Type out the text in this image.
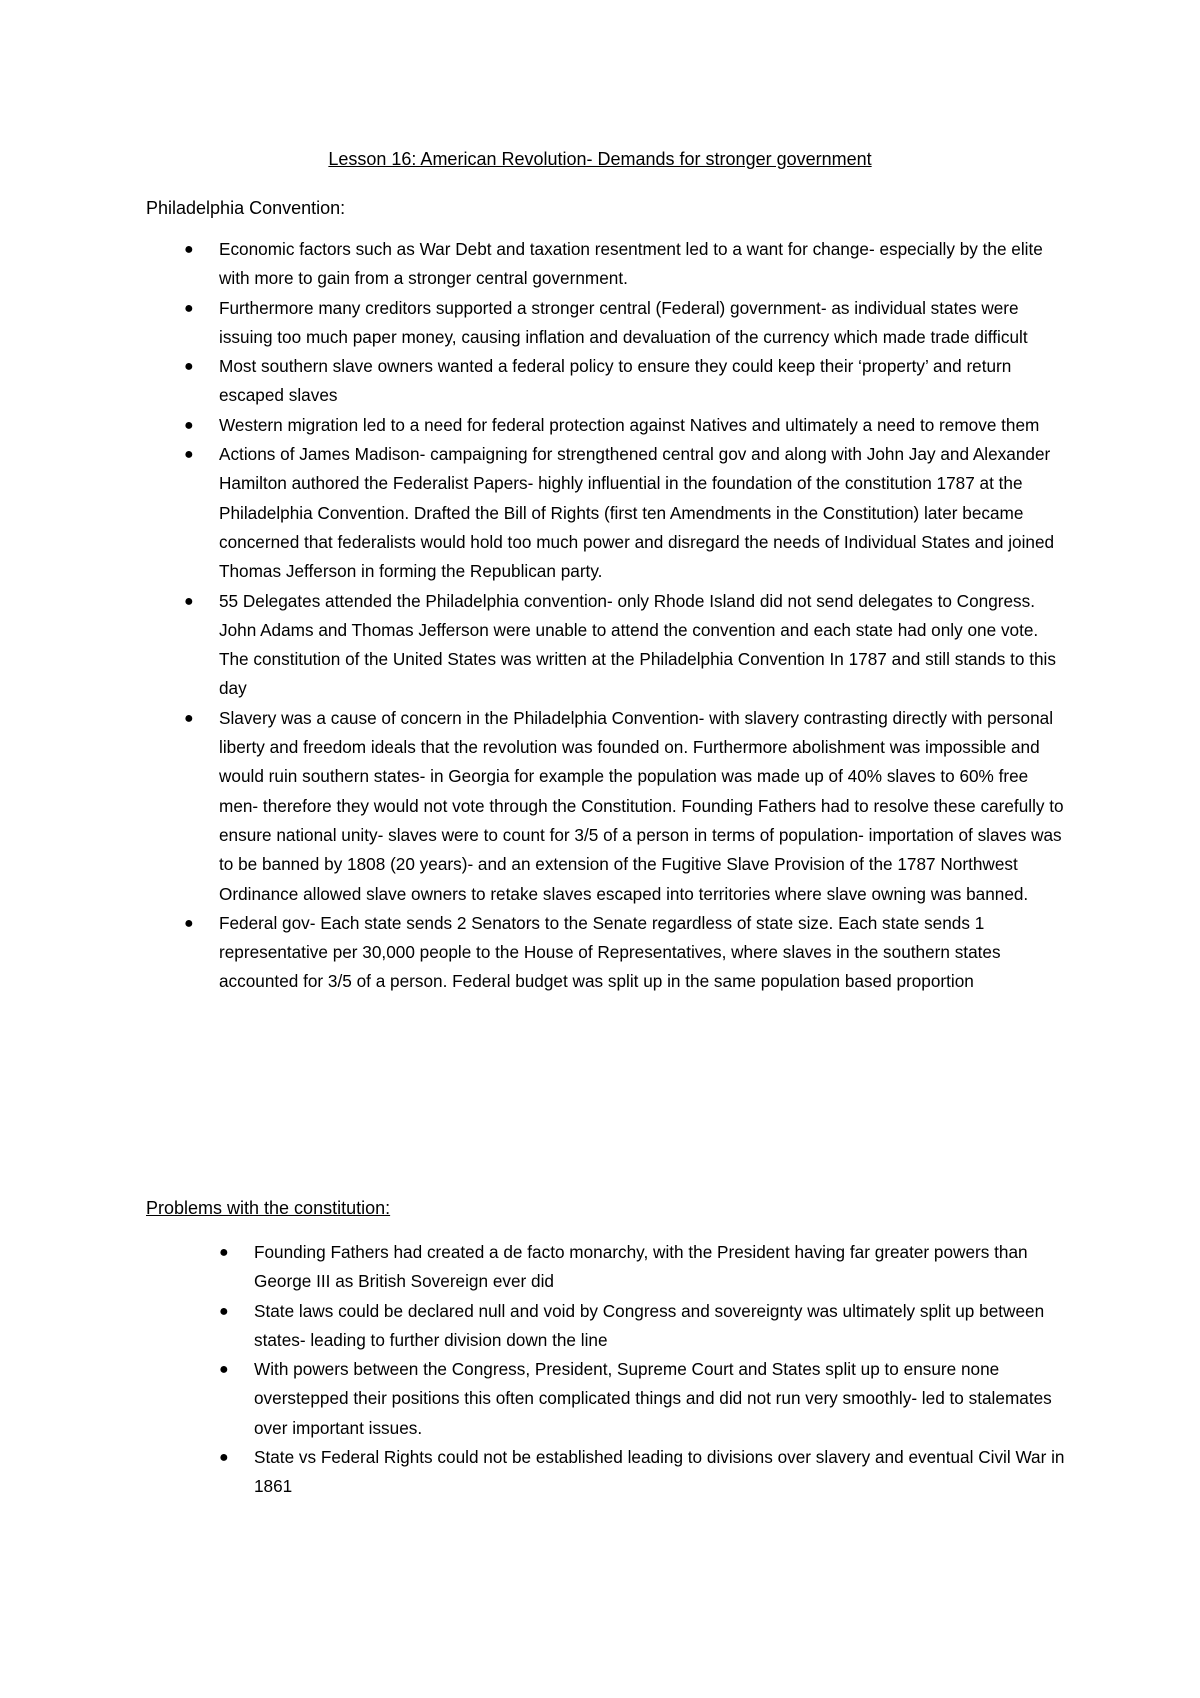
Lesson 16: American Revolution- Demands for stronger government
Philadelphia Convention:
● Economic factors such as War Debt and taxation resentment led to a want for change- especially by the elite with more to gain from a stronger central government.
● Furthermore many creditors supported a stronger central (Federal) government- as individual states were issuing too much paper money, causing inflation and devaluation of the currency which made trade difficult
● Most southern slave owners wanted a federal policy to ensure they could keep their ‘property’ and return escaped slaves
● Western migration led to a need for federal protection against Natives and ultimately a need to remove them
● Actions of James Madison- campaigning for strengthened central gov and along with John Jay and Alexander Hamilton authored the Federalist Papers- highly influential in the foundation of the constitution 1787 at the Philadelphia Convention. Drafted the Bill of Rights (first ten Amendments in the Constitution) later became concerned that federalists would hold too much power and disregard the needs of Individual States and joined Thomas Jefferson in forming the Republican party.
● 55 Delegates attended the Philadelphia convention- only Rhode Island did not send delegates to Congress. John Adams and Thomas Jefferson were unable to attend the convention and each state had only one vote. The constitution of the United States was written at the Philadelphia Convention In 1787 and still stands to this day
● Slavery was a cause of concern in the Philadelphia Convention- with slavery contrasting directly with personal liberty and freedom ideals that the revolution was founded on. Furthermore abolishment was impossible and would ruin southern states- in Georgia for example the population was made up of 40% slaves to 60% free men- therefore they would not vote through the Constitution. Founding Fathers had to resolve these carefully to ensure national unity- slaves were to count for 3/5 of a person in terms of population- importation of slaves was to be banned by 1808 (20 years)- and an extension of the Fugitive Slave Provision of the 1787 Northwest Ordinance allowed slave owners to retake slaves escaped into territories where slave owning was banned.
● Federal gov- Each state sends 2 Senators to the Senate regardless of state size. Each state sends 1 representative per 30,000 people to the House of Representatives, where slaves in the southern states accounted for 3/5 of a person. Federal budget was split up in the same population based proportion
Problems with the constitution:
● Founding Fathers had created a de facto monarchy, with the President having far greater powers than George III as British Sovereign ever did
● State laws could be declared null and void by Congress and sovereignty was ultimately split up between states- leading to further division down the line
● With powers between the Congress, President, Supreme Court and States split up to ensure none overstepped their positions this often complicated things and did not run very smoothly- led to stalemates over important issues.
● State vs Federal Rights could not be established leading to divisions over slavery and eventual Civil War in 1861
